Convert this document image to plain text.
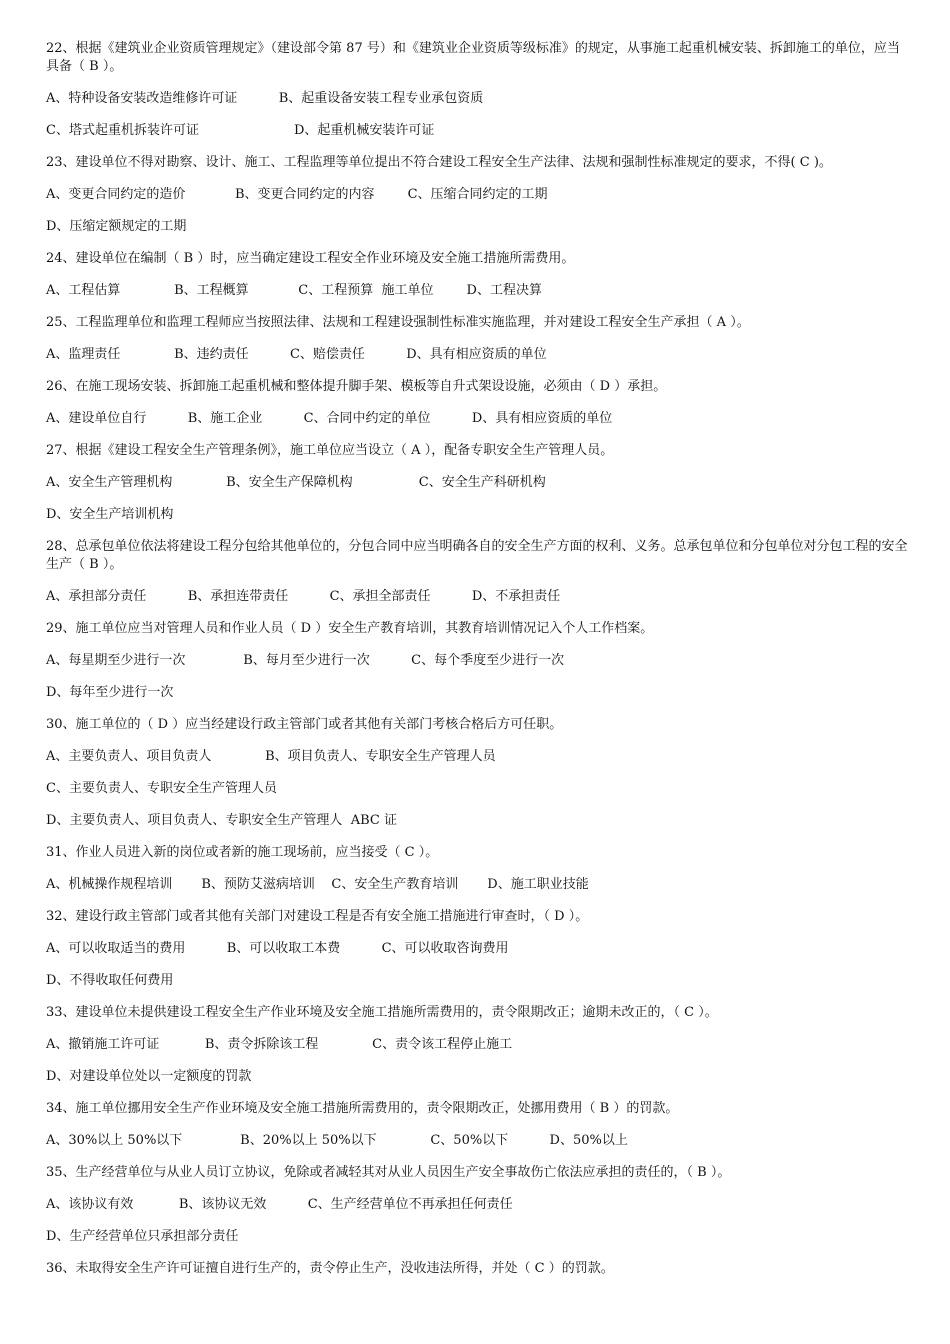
22、根据《建筑业企业资质管理规定》（建设部令第 87 号）和《建筑业企业资质等级标准》的规定，从事施工起重机械安装、拆卸施工的单位，应当具备（ B ）。

A、特种设备安装改造维修许可证          B、起重设备安装工程专业承包资质

C、塔式起重机拆装许可证                       D、起重机械安装许可证

23、建设单位不得对勘察、设计、施工、工程监理等单位提出不符合建设工程安全生产法律、法规和强制性标准规定的要求，不得( C )。

A、变更合同约定的造价            B、变更合同约定的内容        C、压缩合同约定的工期

D、压缩定额规定的工期

24、建设单位在编制（ B ）时，应当确定建设工程安全作业环境及安全施工措施所需费用。

A、工程估算             B、工程概算            C、工程预算  施工单位        D、工程决算

25、工程监理单位和监理工程师应当按照法律、法规和工程建设强制性标准实施监理，并对建设工程安全生产承担（ A ）。

A、监理责任             B、违约责任          C、赔偿责任          D、具有相应资质的单位

26、在施工现场安装、拆卸施工起重机械和整体提升脚手架、模板等自升式架设设施，必须由（ D ）承担。

A、建设单位自行          B、施工企业          C、合同中约定的单位          D、具有相应资质的单位

27、根据《建设工程安全生产管理条例》，施工单位应当设立（ A ），配备专职安全生产管理人员。

A、安全生产管理机构             B、安全生产保障机构                C、安全生产科研机构

D、安全生产培训机构

28、总承包单位依法将建设工程分包给其他单位的，分包合同中应当明确各自的安全生产方面的权利、义务。总承包单位和分包单位对分包工程的安全生产（ B ）。

A、承担部分责任          B、承担连带责任          C、承担全部责任          D、不承担责任

29、施工单位应当对管理人员和作业人员（ D ）安全生产教育培训，其教育培训情况记入个人工作档案。

A、每星期至少进行一次              B、每月至少进行一次          C、每个季度至少进行一次

D、每年至少进行一次

30、施工单位的（ D ）应当经建设行政主管部门或者其他有关部门考核合格后方可任职。

A、主要负责人、项目负责人             B、项目负责人、专职安全生产管理人员

C、主要负责人、专职安全生产管理人员

D、主要负责人、项目负责人、专职安全生产管理人  ABC 证

31、作业人员进入新的岗位或者新的施工现场前，应当接受（ C ）。

A、机械操作规程培训       B、预防艾滋病培训    C、安全生产教育培训       D、施工职业技能

32、建设行政主管部门或者其他有关部门对建设工程是否有安全施工措施进行审查时，（ D ）。

A、可以收取适当的费用          B、可以收取工本费          C、可以收取咨询费用

D、不得收取任何费用

33、建设单位未提供建设工程安全生产作业环境及安全施工措施所需费用的，责令限期改正；逾期未改正的，（ C ）。

A、撤销施工许可证           B、责令拆除该工程             C、责令该工程停止施工

D、对建设单位处以一定额度的罚款

34、施工单位挪用安全生产作业环境及安全施工措施所需费用的，责令限期改正，处挪用费用（ B ）的罚款。

A、30%以上 50%以下              B、20%以上 50%以下             C、50%以下          D、50%以上

35、生产经营单位与从业人员订立协议，免除或者减轻其对从业人员因生产安全事故伤亡依法应承担的责任的，（ B ）。

A、该协议有效           B、该协议无效          C、生产经营单位不再承担任何责任

D、生产经营单位只承担部分责任

36、未取得安全生产许可证擅自进行生产的，责令停止生产，没收违法所得，并处（ C ）的罚款。
